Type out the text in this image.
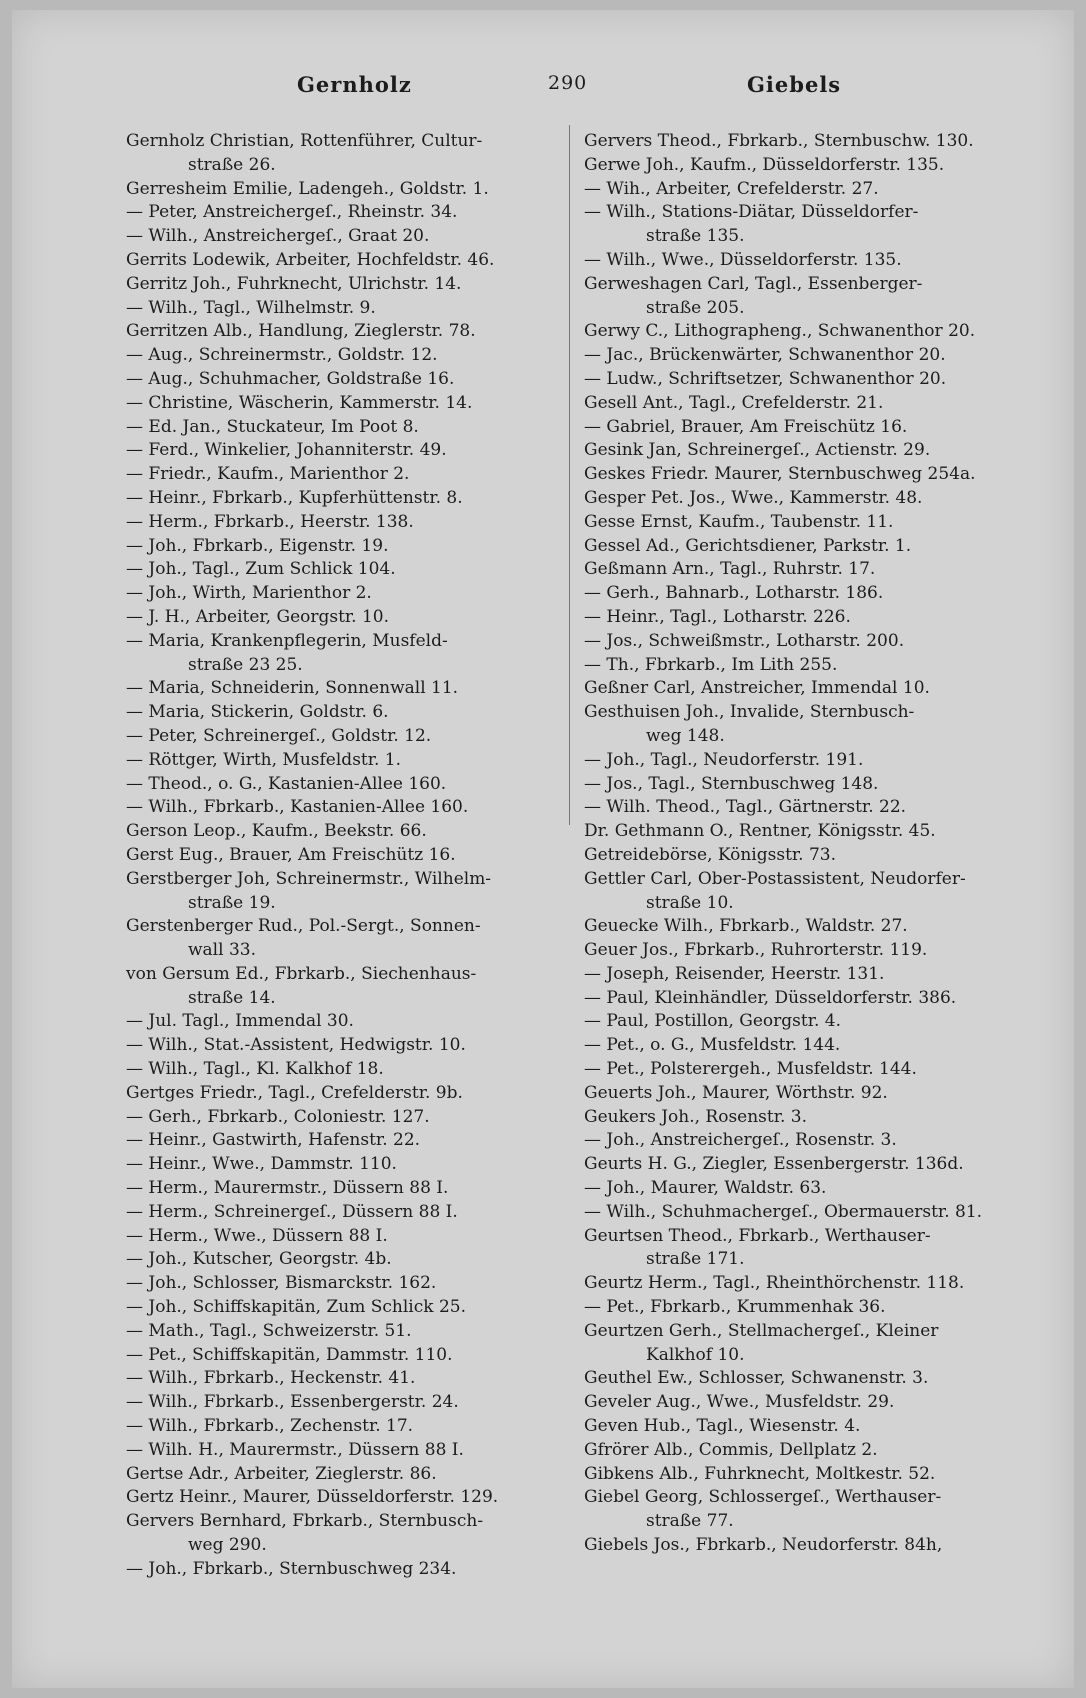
Gernholz	290	Giebels
Gernholz Christian, Rottenführer, Cultur-
straße 26.
Gerresheim Emilie, Ladengeh., Goldstr. 1.
— Peter, Anstreichergeſ., Rheinstr. 34.
— Wilh., Anstreichergeſ., Graat 20.
Gerrits Lodewik, Arbeiter, Hochfeldstr. 46.
Gerritz Joh., Fuhrknecht, Ulrichstr. 14.
— Wilh., Tagl., Wilhelmstr. 9.
Gerritzen Alb., Handlung, Zieglerstr. 78.
— Aug., Schreinermstr., Goldstr. 12.
— Aug., Schuhmacher, Goldstraße 16.
— Christine, Wäscherin, Kammerstr. 14.
— Ed. Jan., Stuckateur, Im Poot 8.
— Ferd., Winkelier, Johanniterstr. 49.
— Friedr., Kaufm., Marienthor 2.
— Heinr., Fbrkarb., Kupferhüttenstr. 8.
— Herm., Fbrkarb., Heerstr. 138.
— Joh., Fbrkarb., Eigenstr. 19.
— Joh., Tagl., Zum Schlick 104.
— Joh., Wirth, Marienthor 2.
— J. H., Arbeiter, Georgstr. 10.
— Maria, Krankenpflegerin, Musfeld-
straße 23 25.
— Maria, Schneiderin, Sonnenwall 11.
— Maria, Stickerin, Goldstr. 6.
— Peter, Schreinergeſ., Goldstr. 12.
— Röttger, Wirth, Musfeldstr. 1.
— Theod., o. G., Kastanien-Allee 160.
— Wilh., Fbrkarb., Kastanien-Allee 160.
Gerson Leop., Kaufm., Beekstr. 66.
Gerst Eug., Brauer, Am Freischütz 16.
Gerstberger Joh, Schreinermstr., Wilhelm-
straße 19.
Gerstenberger Rud., Pol.-Sergt., Sonnen-
wall 33.
von Gersum Ed., Fbrkarb., Siechenhaus-
straße 14.
— Jul. Tagl., Immendal 30.
— Wilh., Stat.-Assistent, Hedwigstr. 10.
— Wilh., Tagl., Kl. Kalkhof 18.
Gertges Friedr., Tagl., Crefelderstr. 9b.
— Gerh., Fbrkarb., Coloniestr. 127.
— Heinr., Gastwirth, Hafenstr. 22.
— Heinr., Wwe., Dammstr. 110.
— Herm., Maurermstr., Düssern 88 I.
— Herm., Schreinergeſ., Düssern 88 I.
— Herm., Wwe., Düssern 88 I.
— Joh., Kutscher, Georgstr. 4b.
— Joh., Schlosser, Bismarckstr. 162.
— Joh., Schiffskapitän, Zum Schlick 25.
— Math., Tagl., Schweizerstr. 51.
— Pet., Schiffskapitän, Dammstr. 110.
— Wilh., Fbrkarb., Heckenstr. 41.
— Wilh., Fbrkarb., Essenbergerstr. 24.
— Wilh., Fbrkarb., Zechenstr. 17.
— Wilh. H., Maurermstr., Düssern 88 I.
Gertse Adr., Arbeiter, Zieglerstr. 86.
Gertz Heinr., Maurer, Düsseldorferstr. 129.
Gervers Bernhard, Fbrkarb., Sternbusch-
weg 290.
— Joh., Fbrkarb., Sternbuschweg 234.
Gervers Theod., Fbrkarb., Sternbuschw. 130.
Gerwe Joh., Kaufm., Düsseldorferstr. 135.
— Wih., Arbeiter, Crefelderstr. 27.
— Wilh., Stations-Diätar, Düsseldorfer-
straße 135.
— Wilh., Wwe., Düsseldorferstr. 135.
Gerweshagen Carl, Tagl., Essenberger-
straße 205.
Gerwy C., Lithographeng., Schwanenthor 20.
— Jac., Brückenwärter, Schwanenthor 20.
— Ludw., Schriftsetzer, Schwanenthor 20.
Gesell Ant., Tagl., Crefelderstr. 21.
— Gabriel, Brauer, Am Freischütz 16.
Gesink Jan, Schreinergeſ., Actienstr. 29.
Geskes Friedr. Maurer, Sternbuschweg 254a.
Gesper Pet. Jos., Wwe., Kammerstr. 48.
Gesse Ernst, Kaufm., Taubenstr. 11.
Gessel Ad., Gerichtsdiener, Parkstr. 1.
Geßmann Arn., Tagl., Ruhrstr. 17.
— Gerh., Bahnarb., Lotharstr. 186.
— Heinr., Tagl., Lotharstr. 226.
— Jos., Schweißmstr., Lotharstr. 200.
— Th., Fbrkarb., Im Lith 255.
Geßner Carl, Anstreicher, Immendal 10.
Gesthuisen Joh., Invalide, Sternbusch-
weg 148.
— Joh., Tagl., Neudorferstr. 191.
— Jos., Tagl., Sternbuschweg 148.
— Wilh. Theod., Tagl., Gärtnerstr. 22.
Dr. Gethmann O., Rentner, Königsstr. 45.
Getreidebörse, Königsstr. 73.
Gettler Carl, Ober-Postassistent, Neudorfer-
straße 10.
Geuecke Wilh., Fbrkarb., Waldstr. 27.
Geuer Jos., Fbrkarb., Ruhrorterstr. 119.
— Joseph, Reisender, Heerstr. 131.
— Paul, Kleinhändler, Düsseldorferstr. 386.
— Paul, Postillon, Georgstr. 4.
— Pet., o. G., Musfeldstr. 144.
— Pet., Polsterergeh., Musfeldstr. 144.
Geuerts Joh., Maurer, Wörthstr. 92.
Geukers Joh., Rosenstr. 3.
— Joh., Anstreichergeſ., Rosenstr. 3.
Geurts H. G., Ziegler, Essenbergerstr. 136d.
— Joh., Maurer, Waldstr. 63.
— Wilh., Schuhmachergeſ., Obermauerstr. 81.
Geurtsen Theod., Fbrkarb., Werthauser-
straße 171.
Geurtz Herm., Tagl., Rheinthörchenstr. 118.
— Pet., Fbrkarb., Krummenhak 36.
Geurtzen Gerh., Stellmachergeſ., Kleiner
Kalkhof 10.
Geuthel Ew., Schlosser, Schwanenstr. 3.
Geveler Aug., Wwe., Musfeldstr. 29.
Geven Hub., Tagl., Wiesenstr. 4.
Gfrörer Alb., Commis, Dellplatz 2.
Gibkens Alb., Fuhrknecht, Moltkestr. 52.
Giebel Georg, Schlossergeſ., Werthauser-
straße 77.
Giebels Jos., Fbrkarb., Neudorferstr. 84h,
